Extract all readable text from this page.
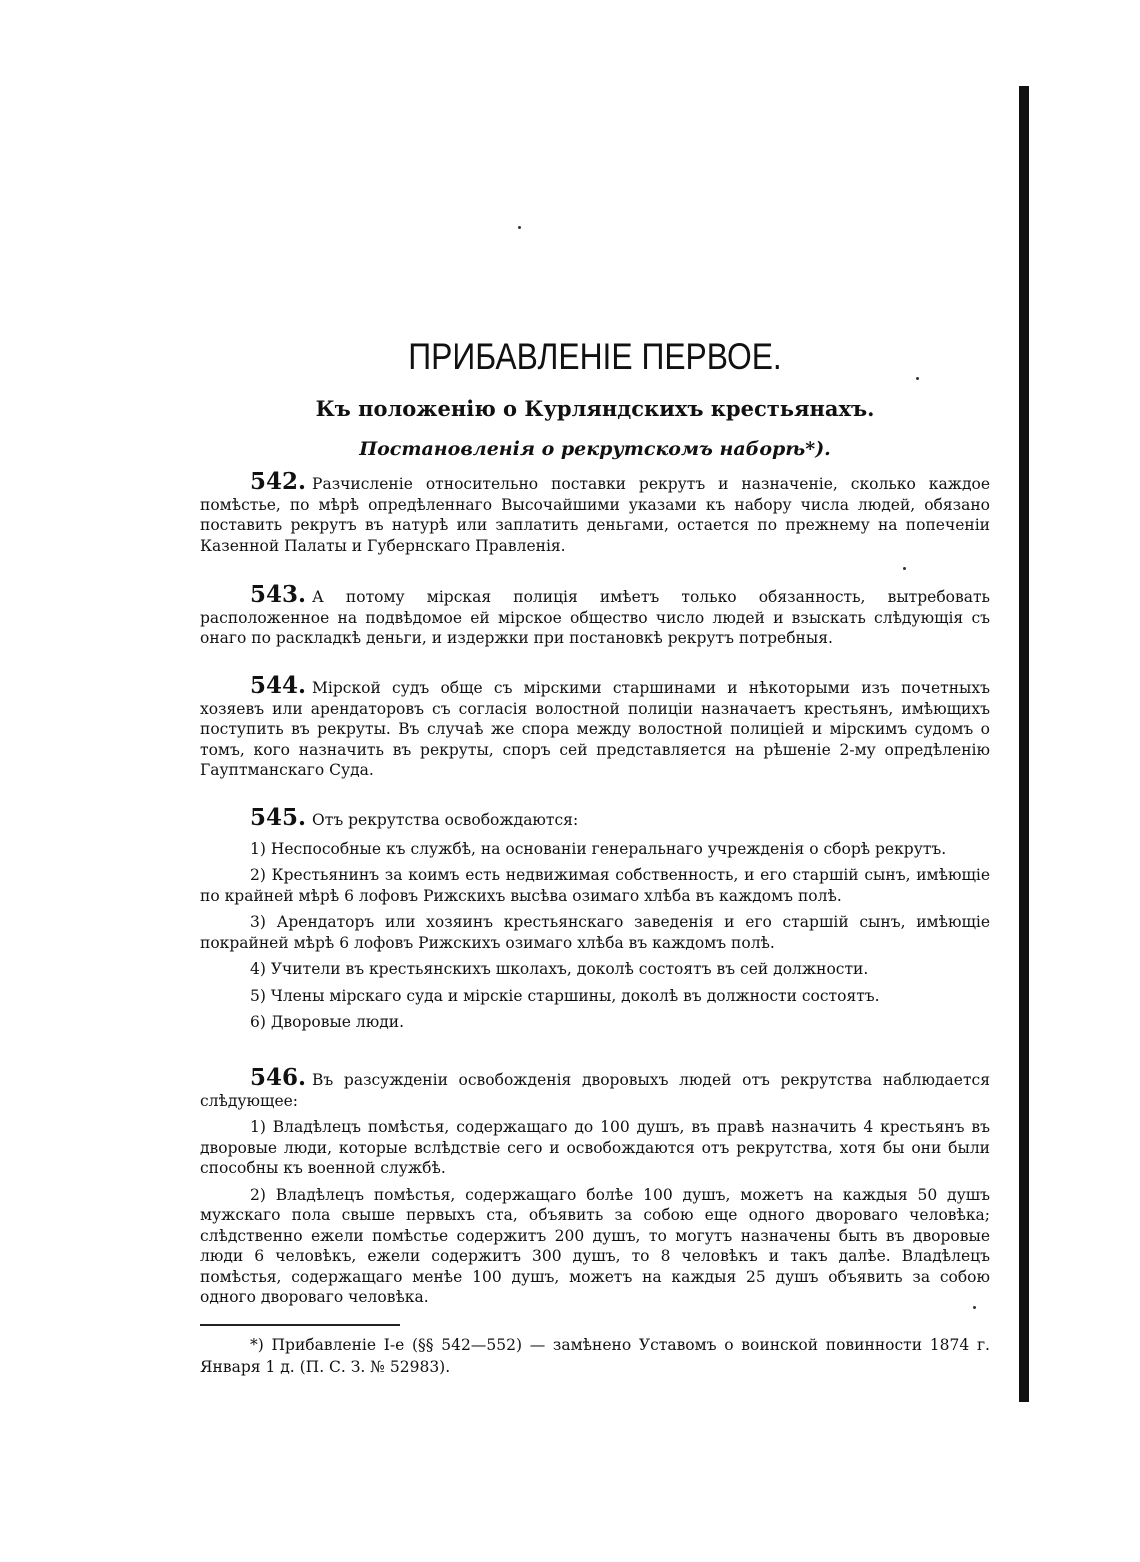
ПРИБАВЛЕНІЕ ПЕРВОЕ.
Къ положенію о Курляндскихъ крестьянахъ.
Постановленія о рекрутскомъ наборѣ*).

542. Разчисленіе относительно поставки рекрутъ и назначеніе, сколько каждое помѣстье, по мѣрѣ опредѣленнаго Высочайшими указами къ набору числа людей, обязано поставить рекрутъ въ натурѣ или заплатить деньгами, остается по прежнему на попеченіи Казенной Палаты и Губернскаго Правленія.

543. А потому мірская полиція имѣетъ только обязанность, вытребовать расположенное на подвѣдомое ей мірское общество число людей и взыскать слѣдующія съ онаго по раскладкѣ деньги, и издержки при постановкѣ рекрутъ потребныя.

544. Мірской судъ обще съ мірскими старшинами и нѣкоторыми изъ почетныхъ хозяевъ или арендаторовъ съ согласія волостной полиціи назначаетъ крестьянъ, имѣющихъ поступить въ рекруты. Въ случаѣ же спора между волостной полиціей и мірскимъ судомъ о томъ, кого назначить въ рекруты, споръ сей представляется на рѣшеніе 2-му опредѣленію Гауптманскаго Суда.

545. Отъ рекрутства освобождаются:

1) Неспособные къ службѣ, на основаніи генеральнаго учрежденія о сборѣ рекрутъ.
2) Крестьянинъ за коимъ есть недвижимая собственность, и его старшій сынъ, имѣющіе по крайней мѣрѣ 6 лофовъ Рижскихъ высѣва озимаго хлѣба въ каждомъ полѣ.
3) Арендаторъ или хозяинъ крестьянскаго заведенія и его старшій сынъ, имѣющіе покрайней мѣрѣ 6 лофовъ Рижскихъ озимаго хлѣба въ каждомъ полѣ.
4) Учители въ крестьянскихъ школахъ, доколѣ состоятъ въ сей должности.
5) Члены мірскаго суда и мірскіе старшины, доколѣ въ должности состоятъ.
6) Дворовые люди.

546. Въ разсужденіи освобожденія дворовыхъ людей отъ рекрутства наблюдается слѣдующее:

1) Владѣлецъ помѣстья, содержащаго до 100 душъ, въ правѣ назначить 4 крестьянъ въ дворовые люди, которые вслѣдствіе сего и освобождаются отъ рекрутства, хотя бы они были способны къ военной службѣ.
2) Владѣлецъ помѣстья, содержащаго болѣе 100 душъ, можетъ на каждыя 50 душъ мужскаго пола свыше первыхъ ста, объявить за собою еще одного двороваго человѣка; слѣдственно ежели помѣстье содержитъ 200 душъ, то могутъ назначены быть въ дворовые люди 6 человѣкъ, ежели содержитъ 300 душъ, то 8 человѣкъ и такъ далѣе. Владѣлецъ помѣстья, содержащаго менѣе 100 душъ, можетъ на каждыя 25 душъ объявить за собою одного двороваго человѣка.
*) Прибавленіе I-е (§§ 542—552) — замѣнено Уставомъ о воинской повинности 1874 г. Января 1 д. (П. С. З. № 52983).
